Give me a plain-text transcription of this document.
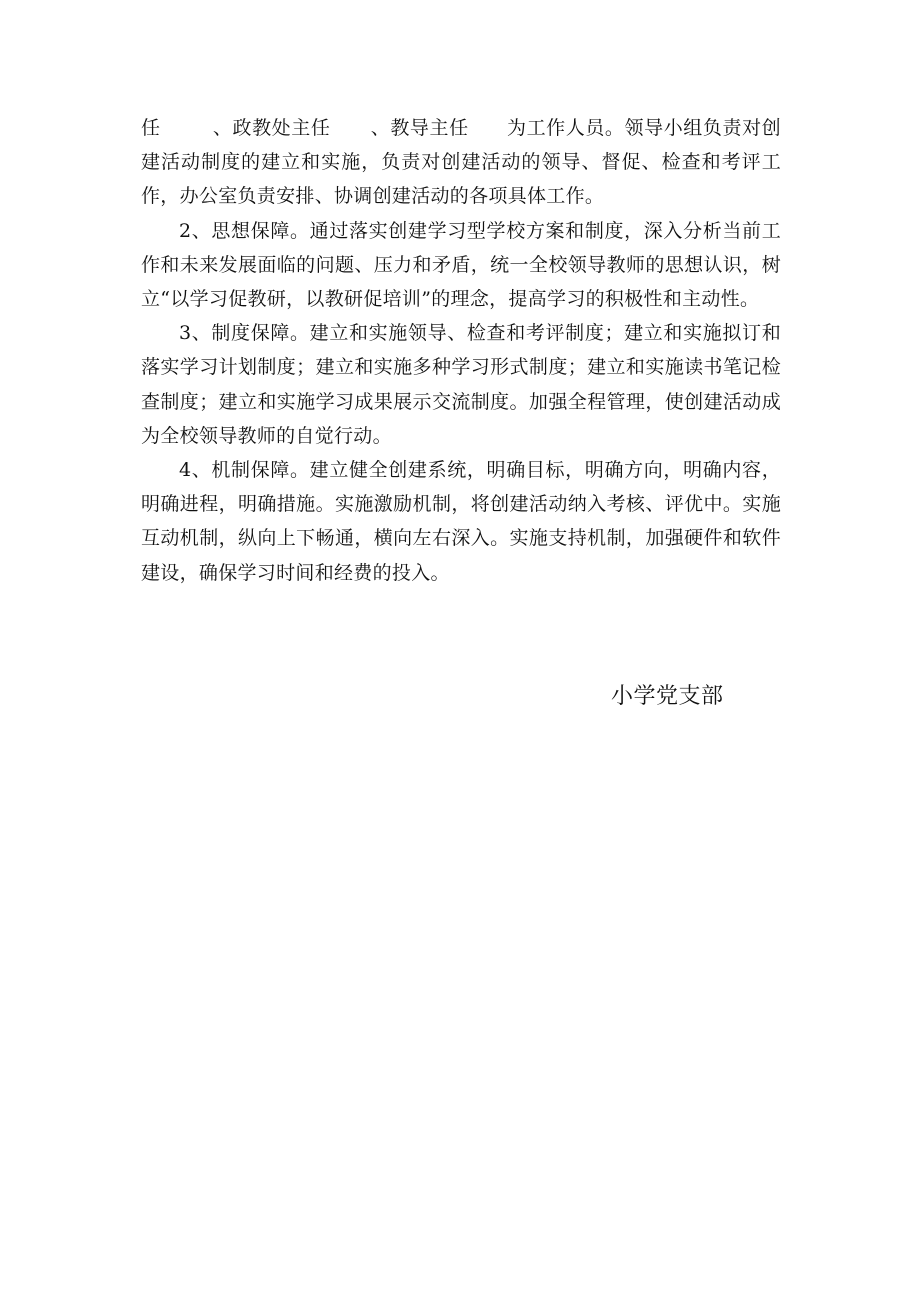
任	、政教处主任 、教导主任 为工作人员。领导小组负责对创建活动制度的建立和实施，负责对创建活动的领导、督促、检查和考评工作，办公室负责安排、协调创建活动的各项具体工作。

2、思想保障。通过落实创建学习型学校方案和制度，深入分析当前工作和未来发展面临的问题、压力和矛盾，统一全校领导教师的思想认识，树立“以学习促教研，以教研促培训”的理念，提高学习的积极性和主动性。

3、制度保障。建立和实施领导、检查和考评制度；建立和实施拟订和落实学习计划制度；建立和实施多种学习形式制度；建立和实施读书笔记检查制度；建立和实施学习成果展示交流制度。加强全程管理，使创建活动成为全校领导教师的自觉行动。

4、机制保障。建立健全创建系统，明确目标，明确方向，明确内容，明确进程，明确措施。实施激励机制，将创建活动纳入考核、评优中。实施互动机制，纵向上下畅通，横向左右深入。实施支持机制，加强硬件和软件建设，确保学习时间和经费的投入。

小学党支部
